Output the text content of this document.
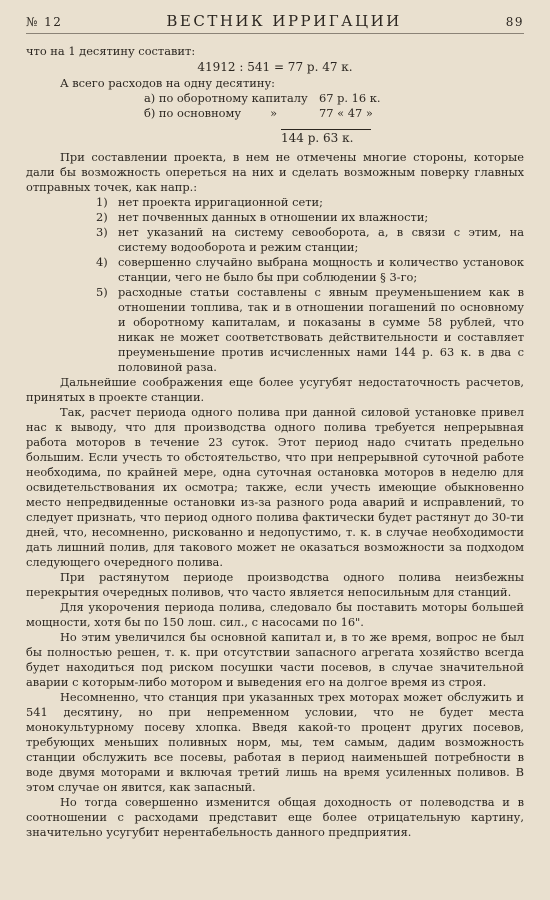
№ 12	ВЕСТНИК ИРРИГАЦИИ	89

что на 1 десятину составит:

41912 : 541 = 77 р. 47 к.

А всего расходов на одну десятину:

а) по оборотному капиталу 67 р. 16 к.
б) по основному        »	77 « 47 »
144 р. 63 к.

При составлении проекта, в нем не отмечены многие стороны, которые дали бы возможность опереться на них и сделать возможным поверку главных отправных точек, как напр.:

1) нет проекта ирригационной сети;
2) нет почвенных данных в отношении их влажности;
3) нет указаний на систему севооборота, а, в связи с этим, на систему водооборота и режим станции;
4) совершенно случайно выбрана мощность и количество установок станции, чего не было бы при соблюдении § 3-го;
5) расходные статьи составлены с явным преуменьшением как в отношении топлива, так и в отношении погашений по основному и оборотному капиталам, и показаны в сумме 58 рублей, что никак не может соответствовать действительности и составляет преуменьшение против исчисленных нами 144 р. 63 к. в два с половиной раза.

Дальнейшие соображения еще более усугубят недостаточность расчетов, принятых в проекте станции.

Так, расчет периода одного полива при данной силовой установке привел нас к выводу, что для производства одного полива требуется непрерывная работа моторов в течение 23 суток. Этот период надо считать предельно большим. Если учесть то обстоятельство, что при непрерывной суточной работе необходима, по крайней мере, одна суточная остановка моторов в неделю для освидетельствования их осмотра; также, если учесть имеющие обыкновенно место непредвиденные остановки из-за разного рода аварий и исправлений, то следует признать, что период одного полива фактически будет растянут до 30-ти дней, что, несомненно, рискованно и недопустимо, т. к. в случае необходимости дать лишний полив, для такового может не оказаться возможности за подходом следующего очередного полива.

При растянутом периоде производства одного полива неизбежны перекрытия очередных поливов, что часто является непосильным для станций.

Для укорочения периода полива, следовало бы поставить моторы большей мощности, хотя бы по 150 лош. сил., с насосами по 16".

Но этим увеличился бы основной капитал и, в то же время, вопрос не был бы полностью решен, т. к. при отсутствии запасного агрегата хозяйство всегда будет находиться под риском посушки части посевов, в случае значительной аварии с которым-либо мотором и выведения его на долгое время из строя.

Несомненно, что станция при указанных трех моторах может обслужить и 541 десятину, но при непременном условии, что не будет места монокультурному посеву хлопка. Введя какой-то процент других посевов, требующих меньших поливных норм, мы, тем самым, дадим возможность станции обслужить все посевы, работая в период наименьшей потребности в воде двумя моторами и включая третий лишь на время усиленных поливов. В этом случае он явится, как запасный.

Но тогда совершенно изменится общая доходность от полеводства и в соотношении с расходами представит еще более отрицательную картину, значительно усугубит нерентабельность данного предприятия.
